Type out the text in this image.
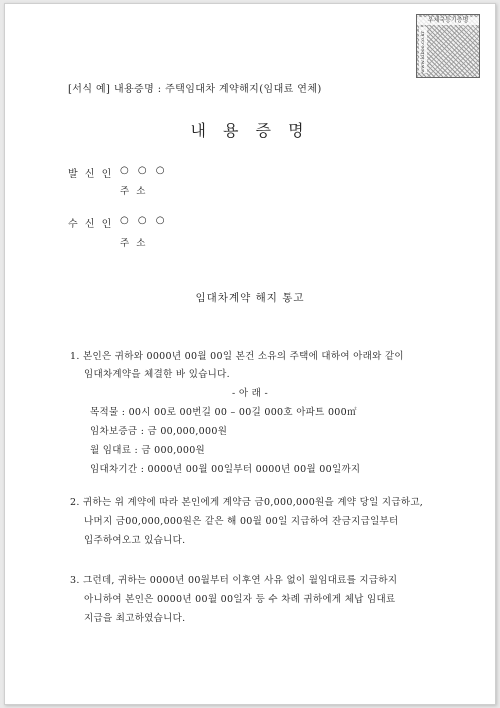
우체국등기증명
www.kiboo.co.kr
[서식 예] 내용증명 : 주택임대차 계약해지(임대료 연체)
내 용 증 명
발 신 인 ○ ○ ○
주 소
수 신 인 ○ ○ ○
주 소
임대차계약 해지 통고
1. 본인은 귀하와 0000년 00월 00일 본건 소유의 주택에 대하여 아래와 같이
임대차계약을 체결한 바 있습니다.
- 아 래 -
목적물 : 00시 00로 00번길 00 – 00길 000호 아파트 000㎡
임차보증금 : 금 00,000,000원
월 임대료 : 금 000,000원
임대차기간 : 0000년 00월 00일부터 0000년 00월 00일까지
2. 귀하는 위 계약에 따라 본인에게 계약금 금0,000,000원을 계약 당일 지급하고,
나머지 금00,000,000원은 같은 해 00월 00일 지급하여 잔금지급일부터
입주하여오고 있습니다.
3. 그런데, 귀하는 0000년 00월부터 이후연 사유 없이 월임대료를 지급하지
아니하여 본인은 0000년 00월 00일자 등 수 차례 귀하에게 체납 임대료
지급을 최고하였습니다.
